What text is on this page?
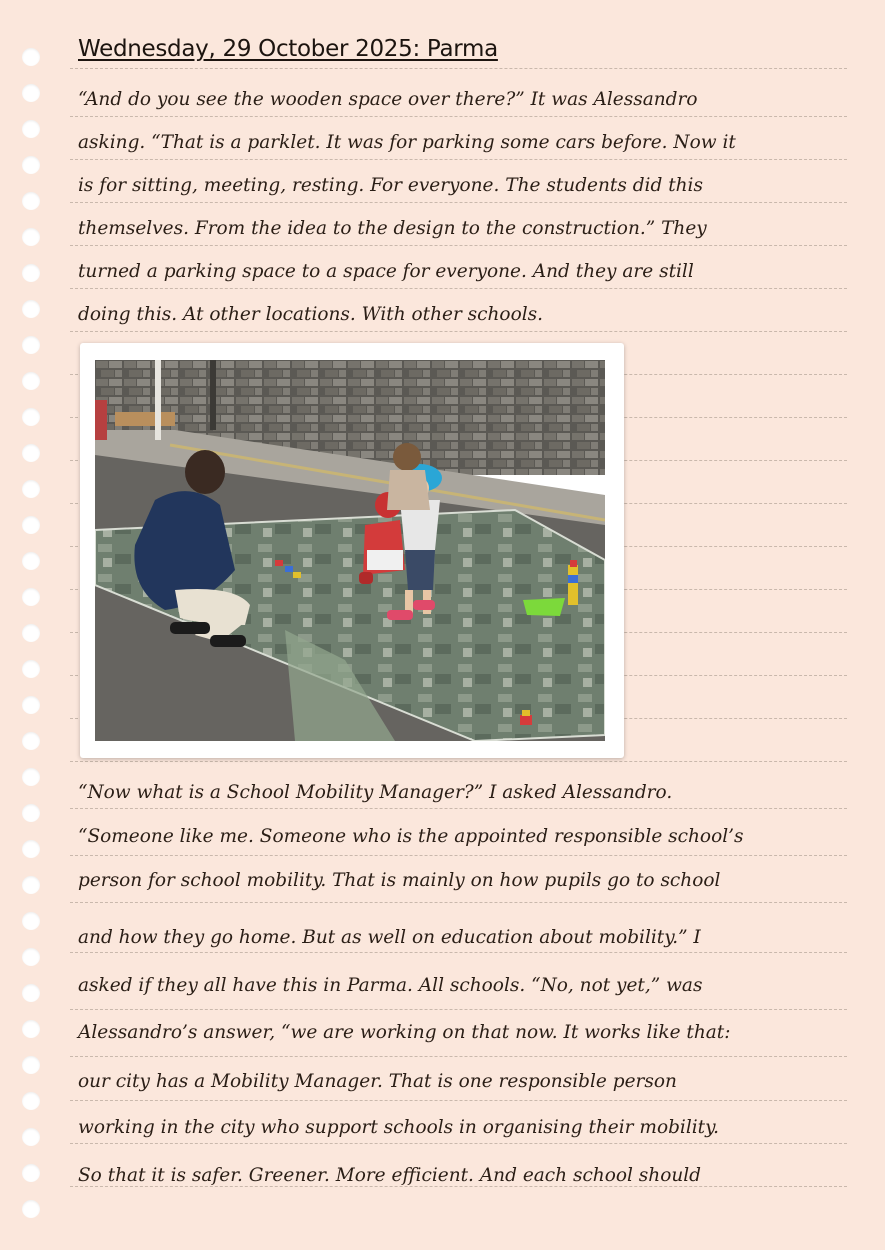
Wednesday, 29 October 2025: Parma
“And do you see the wooden space over there?” It was Alessandro
asking. “That is a parklet. It was for parking some cars before. Now it
is for sitting, meeting, resting. For everyone. The students did this
themselves. From the idea to the design to the construction.” They
turned a parking space to a space for everyone. And they are still
doing this. At other locations. With other schools.
“Now what is a School Mobility Manager?” I asked Alessandro.
“Someone like me. Someone who is the appointed responsible school’s
person for school mobility. That is mainly on how pupils go to school
and how they go home. But as well on education about mobility.” I
asked if they all have this in Parma. All schools. “No, not yet,” was
Alessandro’s answer, “we are working on that now. It works like that:
our city has a Mobility Manager. That is one responsible person
working in the city who support schools in organising their mobility.
So that it is safer. Greener. More efficient. And each school should
